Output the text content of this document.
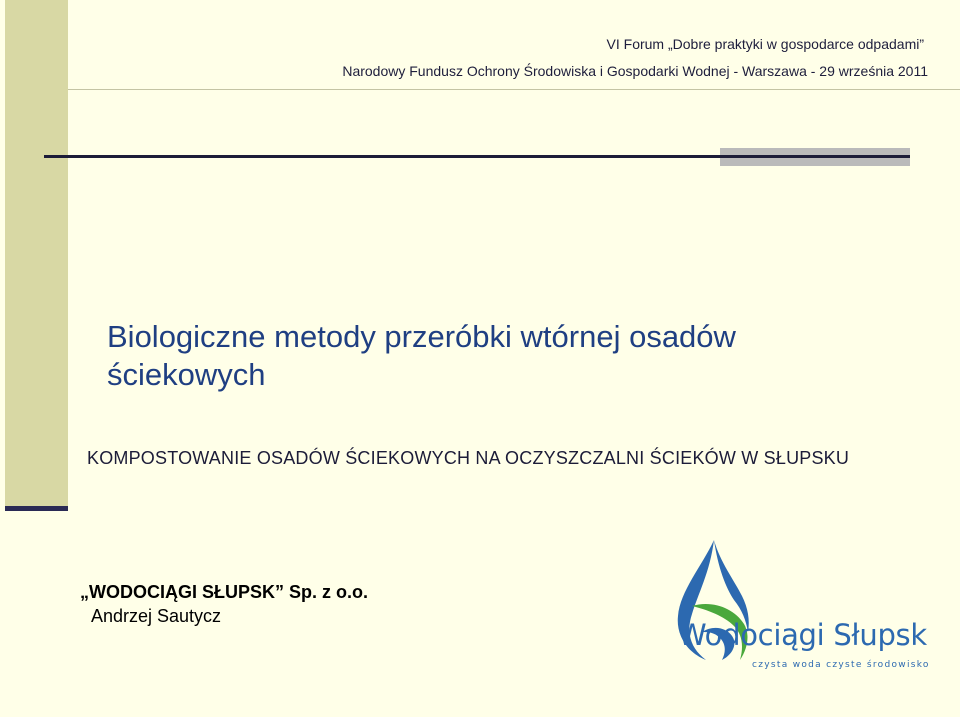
VI Forum „Dobre praktyki w gospodarce odpadami”
Narodowy Fundusz Ochrony Środowiska i Gospodarki Wodnej - Warszawa - 29 września 2011
Biologiczne metody przeróbki wtórnej osadów ściekowych
KOMPOSTOWANIE OSADÓW ŚCIEKOWYCH NA OCZYSZCZALNI ŚCIEKÓW W SŁUPSKU
„WODOCIĄGI SŁUPSK” Sp. z o.o.
Andrzej Sautycz
Wodociągi Słupsk
czysta woda czyste środowisko
